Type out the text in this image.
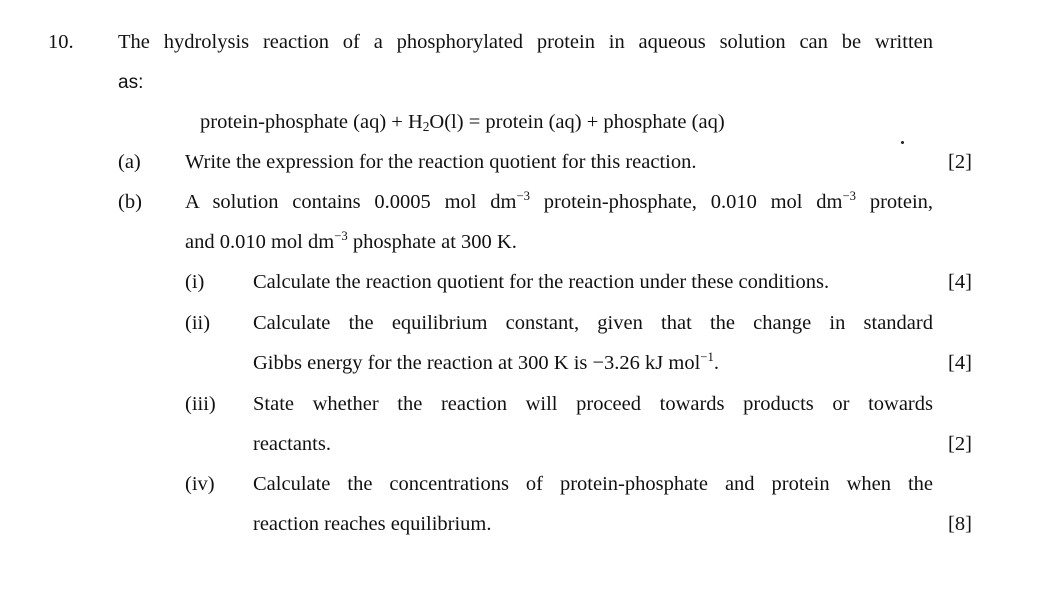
10. The hydrolysis reaction of a phosphorylated protein in aqueous solution can be written
as:
protein-phosphate $(aq) + H_2O(l)$ = protein (aq) + phosphate (aq)
(a) Write the expression for the reaction quotient for this reaction.	[2]
(b) A solution contains 0.0005 mol $dm^{-3}$ protein-phosphate, 0.010 mol $dm^{-3}$ protein,
and 0.010 mol $dm^{-3}$ phosphate at 300 K.
(i) Calculate the reaction quotient for the reaction under these conditions.	[4]
(ii) Calculate the equilibrium constant, given that the change in standard
Gibbs energy for the reaction at 300 K is −3.26 kJ mol$^{-1}$.	[4]
(iii) State whether the reaction will proceed towards products or towards
reactants.	[2]
(iv) Calculate the concentrations of protein-phosphate and protein when the
reaction reaches equilibrium.	[8]
